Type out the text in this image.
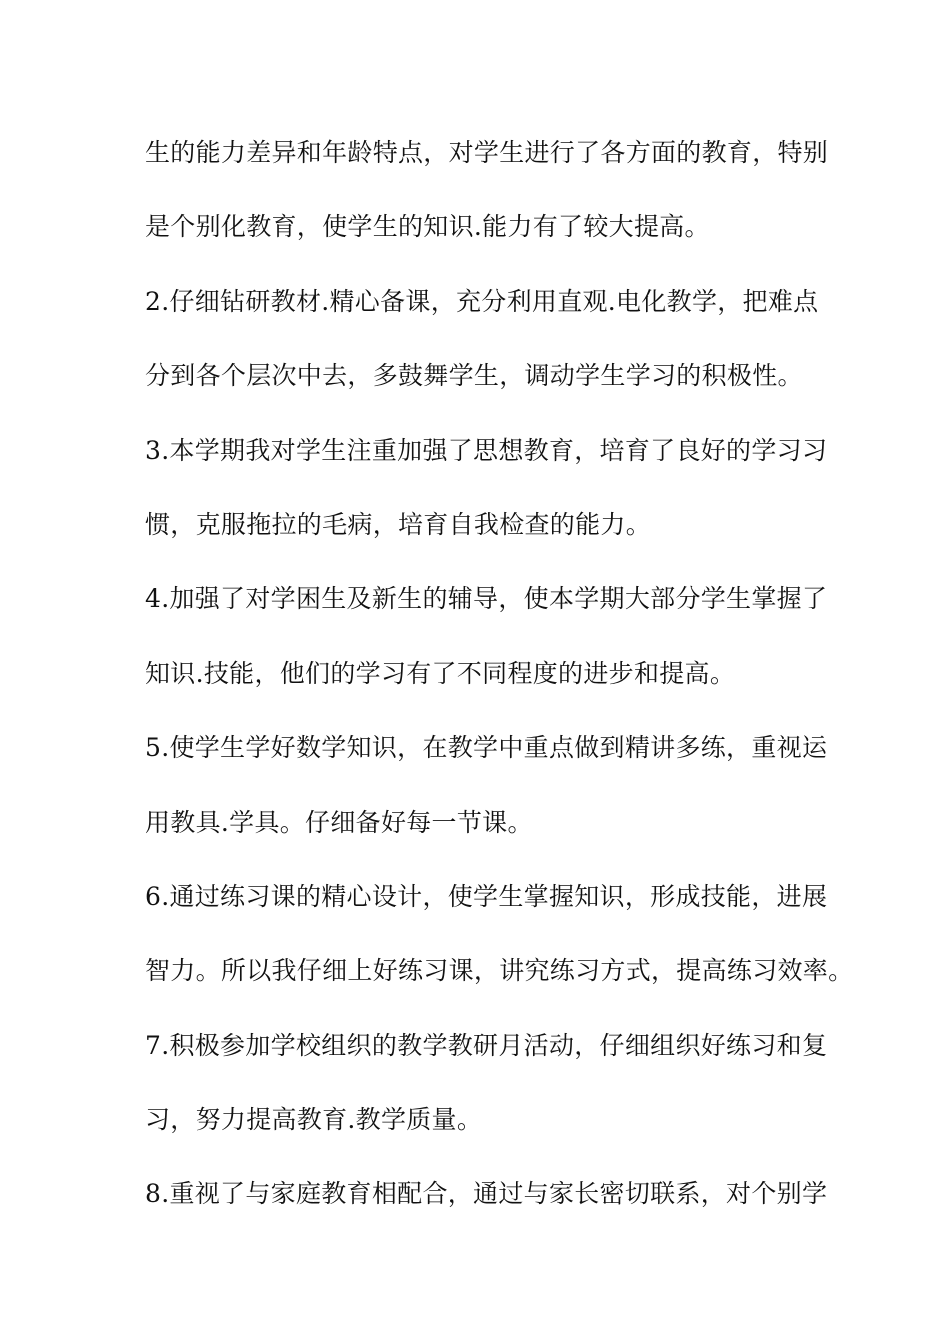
生的能力差异和年龄特点，对学生进行了各方面的教育，特别
是个别化教育，使学生的知识.能力有了较大提高。
2.仔细钻研教材.精心备课，充分利用直观.电化教学，把难点
分到各个层次中去，多鼓舞学生，调动学生学习的积极性。
3.本学期我对学生注重加强了思想教育，培育了良好的学习习
惯，克服拖拉的毛病，培育自我检查的能力。
4.加强了对学困生及新生的辅导，使本学期大部分学生掌握了
知识.技能，他们的学习有了不同程度的进步和提高。
5.使学生学好数学知识，在教学中重点做到精讲多练，重视运
用教具.学具。仔细备好每一节课。
6.通过练习课的精心设计，使学生掌握知识，形成技能，进展
智力。所以我仔细上好练习课，讲究练习方式，提高练习效率。
7.积极参加学校组织的教学教研月活动，仔细组织好练习和复
习，努力提高教育.教学质量。
8.重视了与家庭教育相配合，通过与家长密切联系，对个别学
